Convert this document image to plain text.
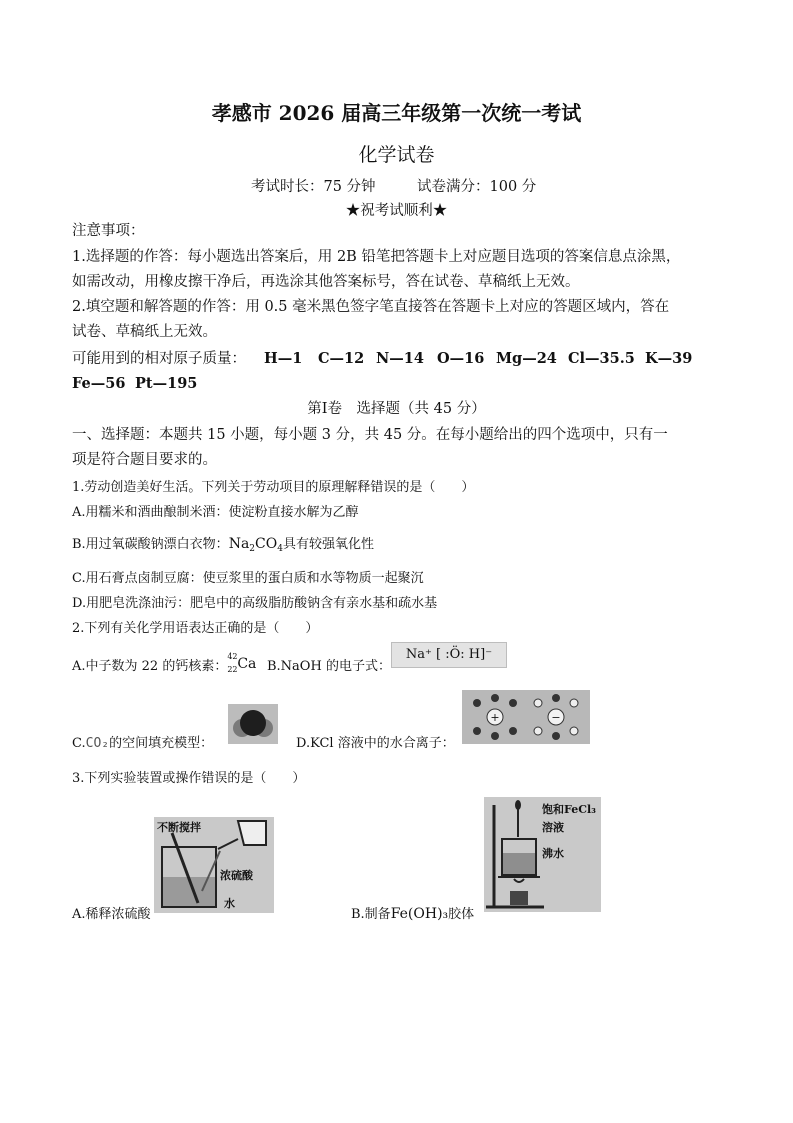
孝感市 2026 届高三年级第一次统一考试
化学试卷
考试时长：75 分钟	试卷满分：100 分
★祝考试顺利★
注意事项：
1.选择题的作答：每小题选出答案后，用 2B 铅笔把答题卡上对应题目选项的答案信息点涂黑，
如需改动，用橡皮擦干净后，再选涂其他答案标号，答在试卷、草稿纸上无效。
2.填空题和解答题的作答：用 0.5 毫米黑色签字笔直接答在答题卡上对应的答题区域内，答在
试卷、草稿纸上无效。
可能用到的相对原子质量： H—1 C—12 N—14 O—16 Mg—24 Cl—35.5 K—39
Fe—56 Pt—195
第Ⅰ卷　选择题（共 45 分）
一、选择题：本题共 15 小题，每小题 3 分，共 45 分。在每小题给出的四个选项中，只有一
项是符合题目要求的。
1.劳动创造美好生活。下列关于劳动项目的原理解释错误的是（　　）
A.用糯米和酒曲酿制米酒：使淀粉直接水解为乙醇
B.用过氧碳酸钠漂白衣物：$Na_2CO_4$具有较强氧化性
C.用石膏点卤制豆腐：使豆浆里的蛋白质和水等物质一起聚沉
D.用肥皂洗涤油污：肥皂中的高级脂肪酸钠含有亲水基和疏水基
2.下列有关化学用语表达正确的是（　　）
A.中子数为 22 的钙核素：
42
22 Ca B.NaOH 的电子式：
Na⁺ [ :Ö: H]⁻
C.CO₂的空间填充模型：	D.KCl 溶液中的水合离子：
+	−
3.下列实验装置或操作错误的是（　　）
不断搅拌
浓硫酸
水
A.稀释浓硫酸	B.制备Fe(OH)₃胶体
饱和FeCl₃
溶液
沸水
